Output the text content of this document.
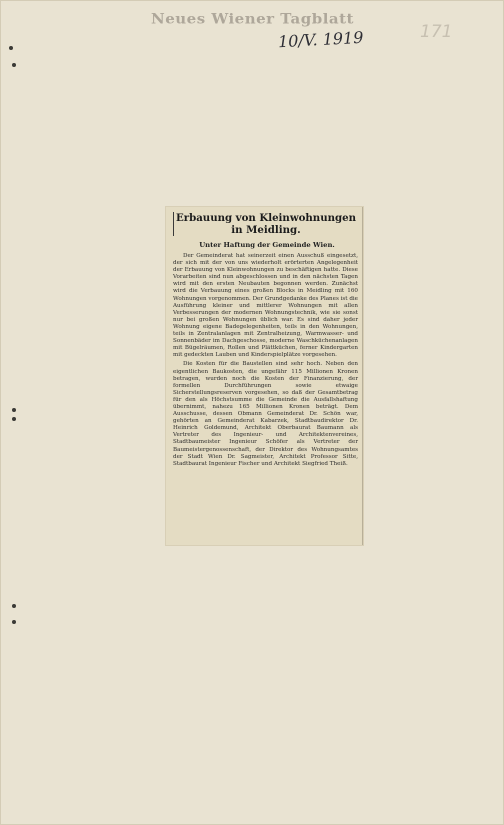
Neues Wiener Tagblatt
10/V. 1919	171
Erbauung von Kleinwohnungen in Meidling.
Unter Haftung der Gemeinde Wien.

Der Gemeinderat hat seinerzeit einen Ausschuß eingesetzt, der sich mit der von uns wiederholt erörterten Angelegenheit der Erbauung von Kleinwohnungen zu beschäftigen hatte. Diese Vorarbeiten sind nun abgeschlossen und in den nächsten Tagen wird mit den ersten Neubauten begonnen werden. Zunächst wird die Verbauung eines großen Blocks in Meidling mit 160 Wohnungen vorgenommen. Der Grundgedanke des Planes ist die Ausführung kleiner und mittlerer Wohnungen mit allen Verbesserungen der modernen Wohnungstechnik, wie sie sonst nur bei großen Wohnungen üblich war. Es sind daher jeder Wohnung eigene Badegelegenheiten, teils in den Wohnungen, teils in Zentralanlagen mit Zentralheizung, Warmwasser- und Sonnenbäder im Dachgeschosse, moderne Waschküchenanlagen mit Bügelräumen, Rollen und Plättküchen, ferner Kindergarten mit gedeckten Lauben und Kinderspielplätze vorgesehen.

Die Kosten für die Baustellen sind sehr hoch. Neben den eigentlichen Baukosten, die ungefähr 115 Millionen Kronen betragen, wurden noch die Kosten der Finanzierung, der formellen Durchführungen sowie etwaige Sicherstellungsreserven vorgesehen, so daß der Gesamtbetrag für den als Höchstsumme die Gemeinde die Ausfallshaftung übernimmt, nahezu 165 Millionen Kronen beträgt. Dem Ausschusse, dessen Obmann Gemeinderat Dr. Schön war, gehörten an Gemeinderat Kabarzek, Stadtbaudirektor Dr. Heinrich Goldemund, Architekt Oberbaurat Baumann als Vertreter des Ingenieur- und Architektenvereines, Stadtbaumeister Ingenieur Schöfer als Vertreter der Baumeistergenossenschaft, der Direktor des Wohnungsamtes der Stadt Wien Dr. Sagmeister, Architekt Professor Sitte, Stadtbaurat Ingenieur Fischer und Architekt Siegfried Theiß.
